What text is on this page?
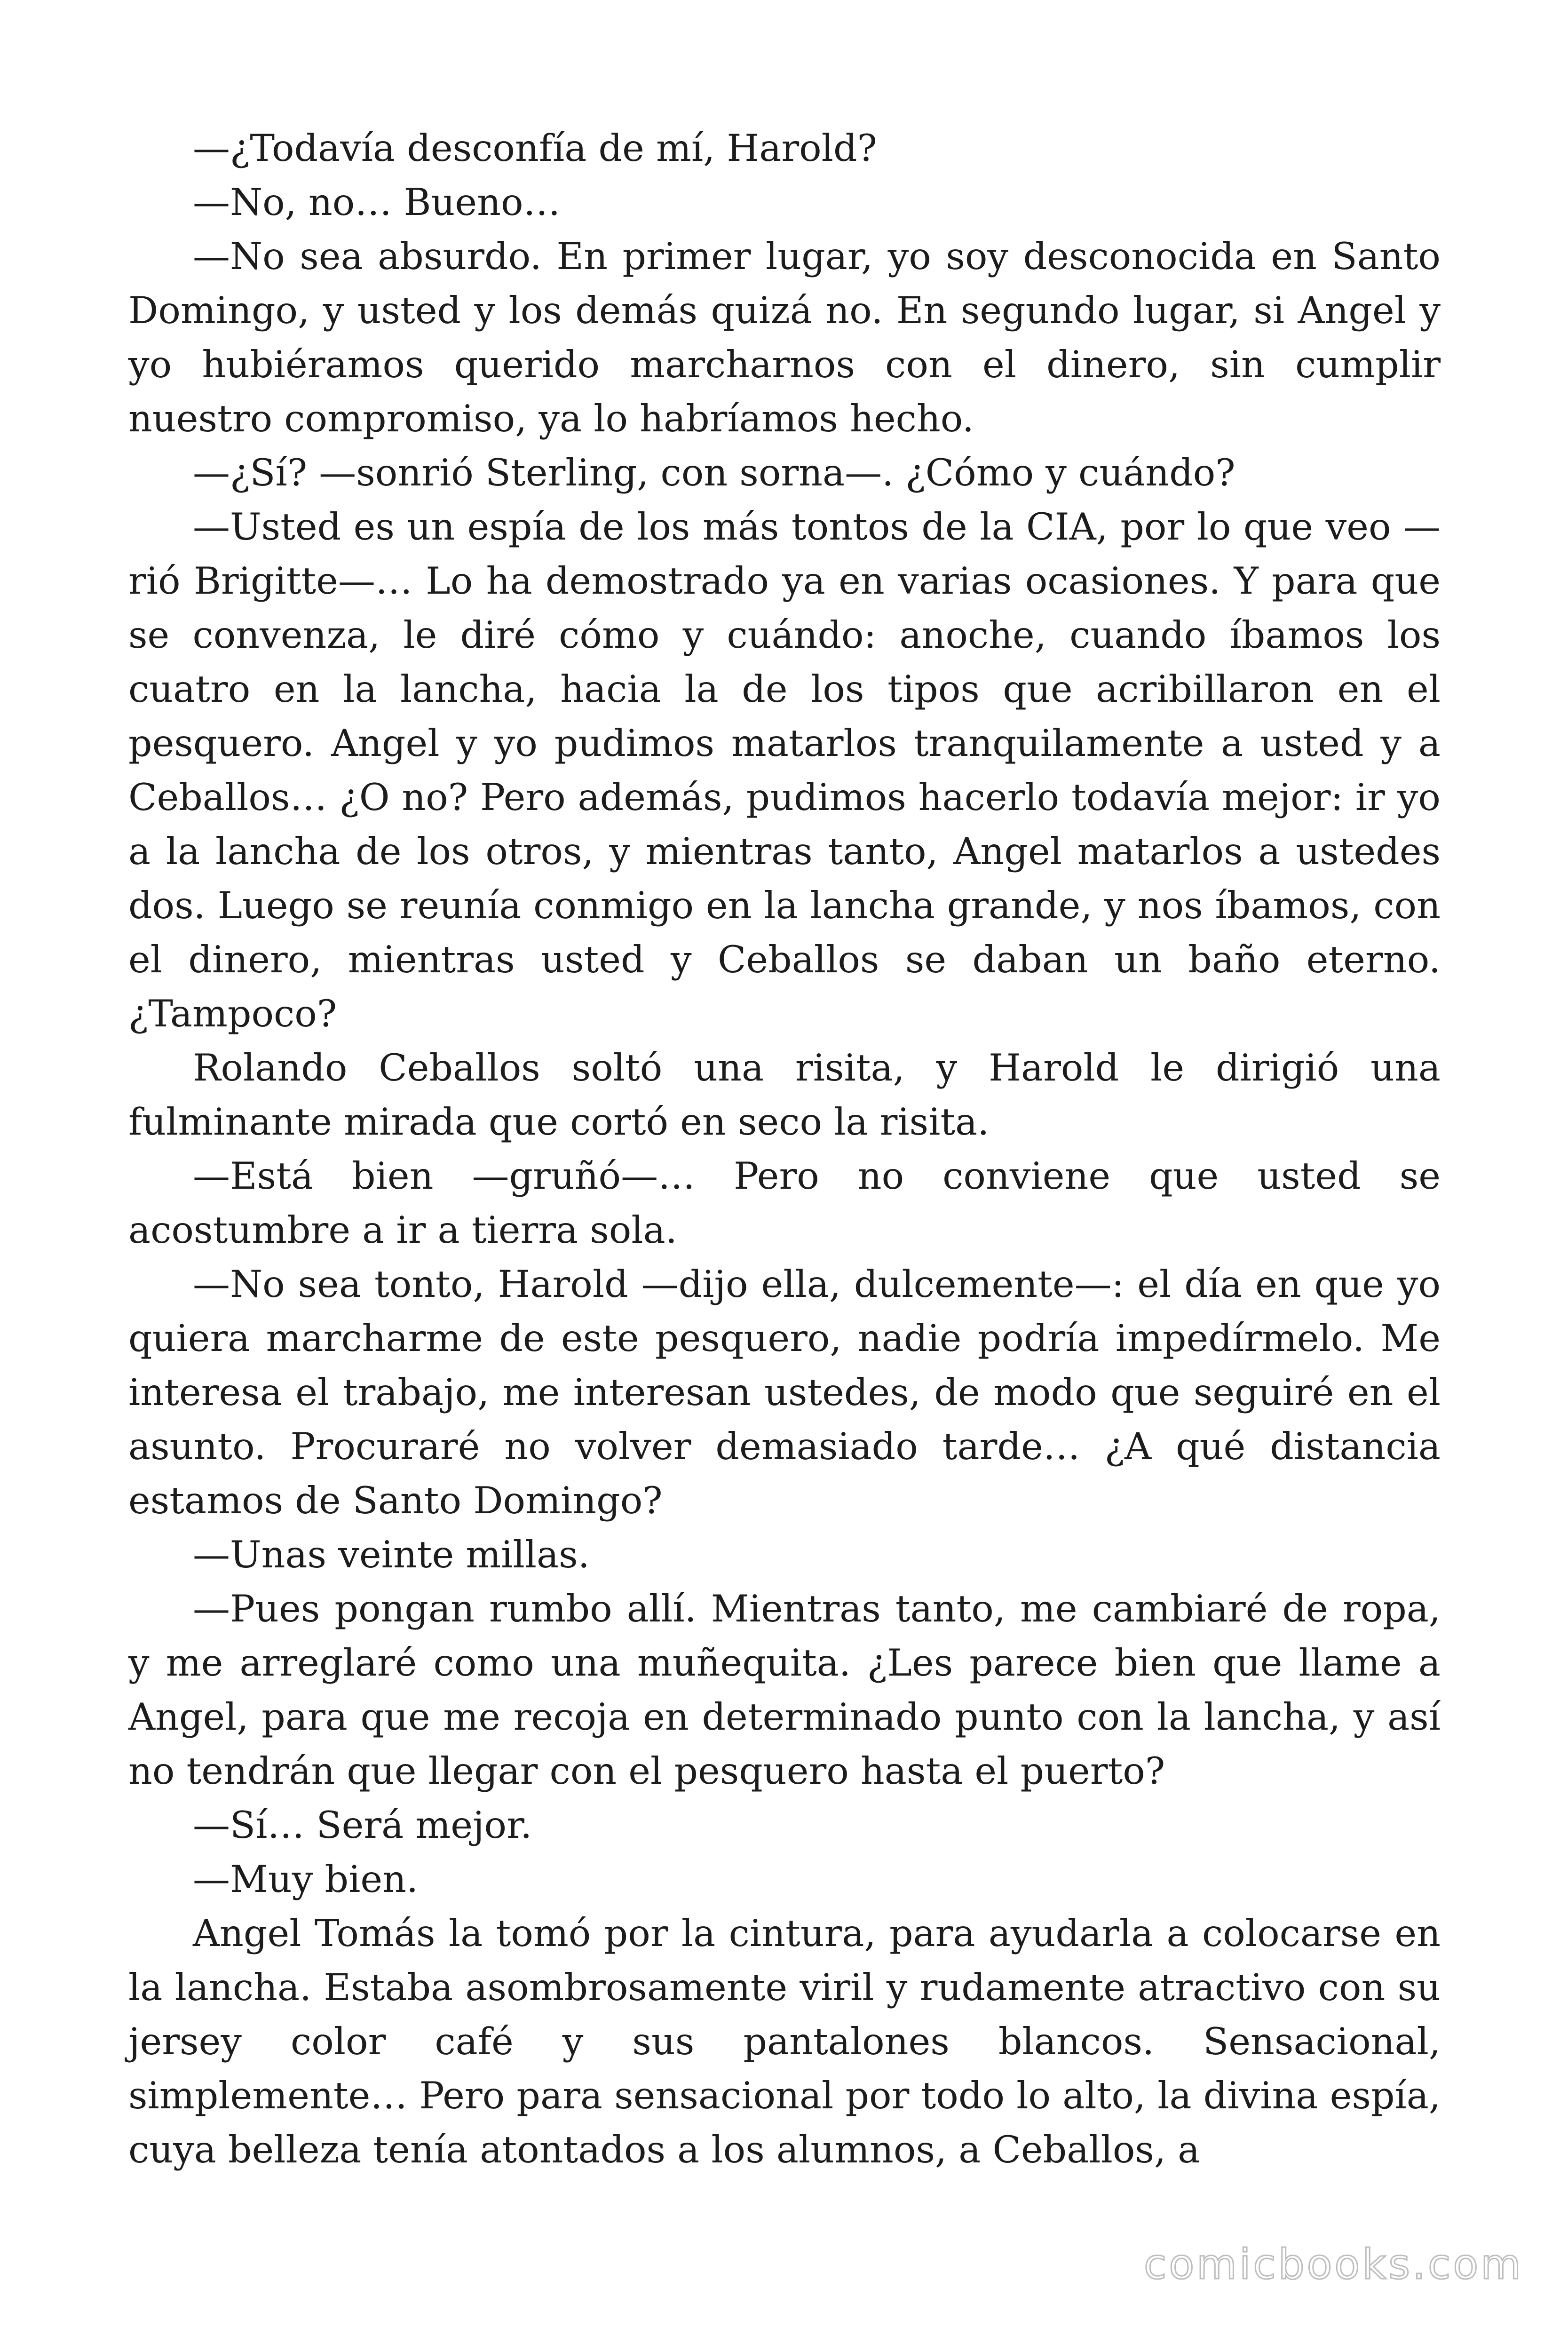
—¿Todavía desconfía de mí, Harold?

—No, no… Bueno…

—No sea absurdo. En primer lugar, yo soy desconocida en Santo Domingo, y usted y los demás quizá no. En segundo lugar, si Angel y yo hubiéramos querido marcharnos con el dinero, sin cumplir nuestro compromiso, ya lo habríamos hecho.

—¿Sí? —sonrió Sterling, con sorna—. ¿Cómo y cuándo?

—Usted es un espía de los más tontos de la CIA, por lo que veo —rió Brigitte—… Lo ha demostrado ya en varias ocasiones. Y para que se convenza, le diré cómo y cuándo: anoche, cuando íbamos los cuatro en la lancha, hacia la de los tipos que acribillaron en el pesquero. Angel y yo pudimos matarlos tranquilamente a usted y a Ceballos… ¿O no? Pero además, pudimos hacerlo todavía mejor: ir yo a la lancha de los otros, y mientras tanto, Angel matarlos a ustedes dos. Luego se reunía conmigo en la lancha grande, y nos íbamos, con el dinero, mientras usted y Ceballos se daban un baño eterno. ¿Tampoco?

Rolando Ceballos soltó una risita, y Harold le dirigió una fulminante mirada que cortó en seco la risita.

—Está bien —gruñó—… Pero no conviene que usted se acostumbre a ir a tierra sola.

—No sea tonto, Harold —dijo ella, dulcemente—: el día en que yo quiera marcharme de este pesquero, nadie podría impedírmelo. Me interesa el trabajo, me interesan ustedes, de modo que seguiré en el asunto. Procuraré no volver demasiado tarde… ¿A qué distancia estamos de Santo Domingo?

—Unas veinte millas.

—Pues pongan rumbo allí. Mientras tanto, me cambiaré de ropa, y me arreglaré como una muñequita. ¿Les parece bien que llame a Angel, para que me recoja en determinado punto con la lancha, y así no tendrán que llegar con el pesquero hasta el puerto?

—Sí… Será mejor.

—Muy bien.

Angel Tomás la tomó por la cintura, para ayudarla a colocarse en la lancha. Estaba asombrosamente viril y rudamente atractivo con su jersey color café y sus pantalones blancos. Sensacional, simplemente… Pero para sensacional por todo lo alto, la divina espía, cuya belleza tenía atontados a los alumnos, a Ceballos, a

comicbooks.com
